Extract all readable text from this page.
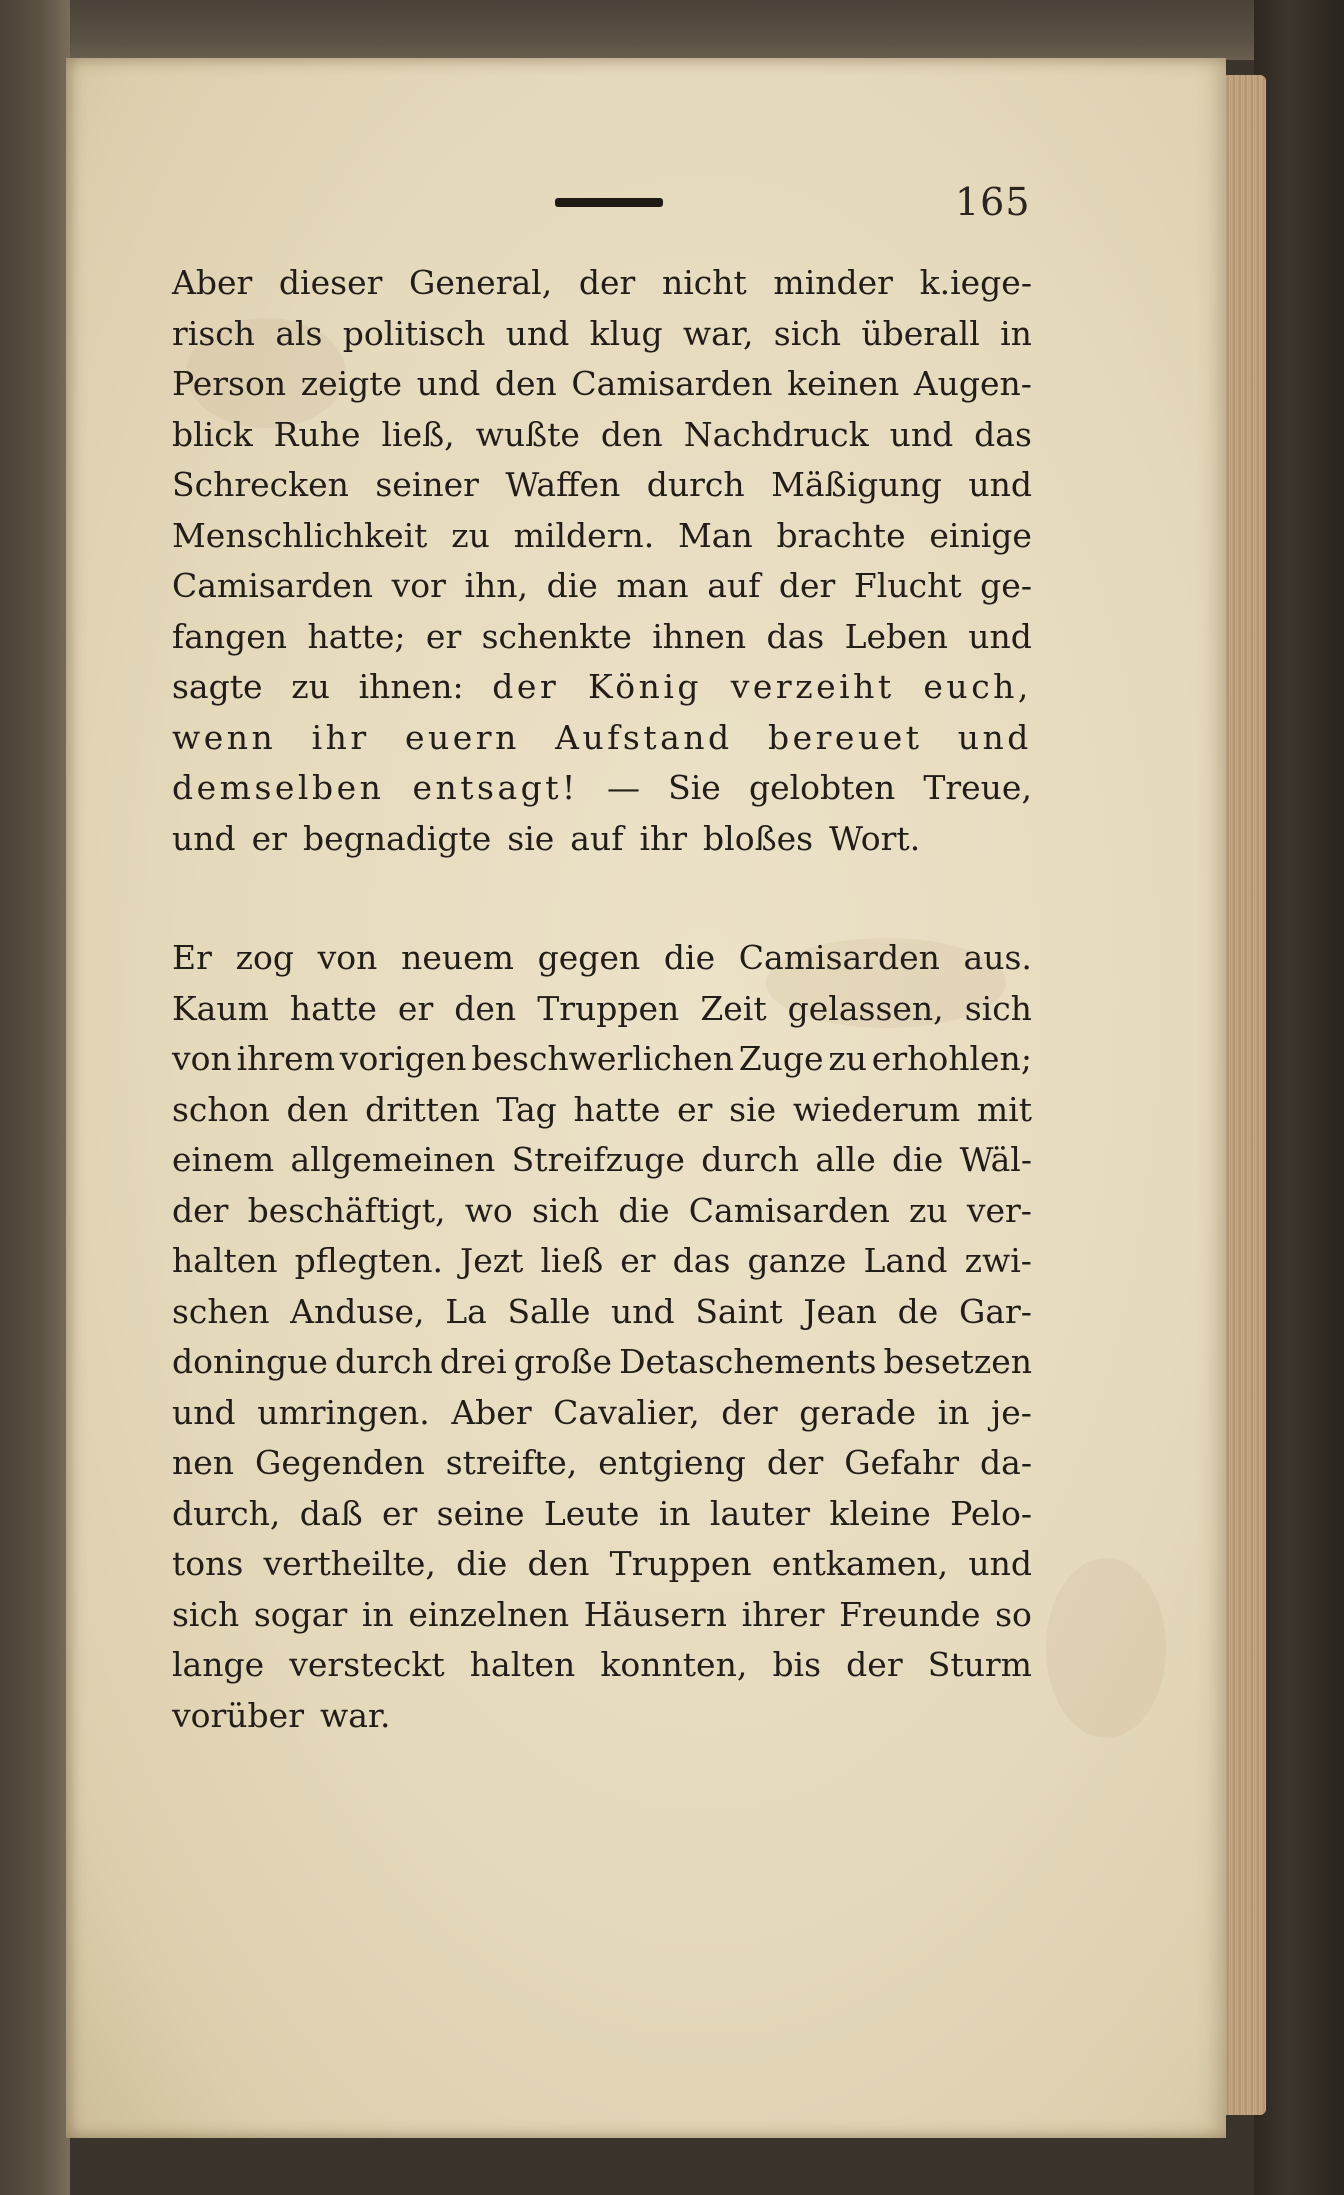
165
Aber dieser General, der nicht minder k.iege-
risch als politisch und klug war, sich überall in
Person zeigte und den Camisarden keinen Augen-
blick Ruhe ließ, wußte den Nachdruck und das
Schrecken seiner Waffen durch Mäßigung und
Menschlichkeit zu mildern. Man brachte einige
Camisarden vor ihn, die man auf der Flucht ge-
fangen hatte; er schenkte ihnen das Leben und
sagte zu ihnen: der König verzeiht euch,
wenn ihr euern Aufstand bereuet und
demselben entsagt! — Sie gelobten Treue,
und er begnadigte sie auf ihr bloßes Wort.
Er zog von neuem gegen die Camisarden aus.
Kaum hatte er den Truppen Zeit gelassen, sich
von ihrem vorigen beschwerlichen Zuge zu erhohlen;
schon den dritten Tag hatte er sie wiederum mit
einem allgemeinen Streifzuge durch alle die Wäl-
der beschäftigt, wo sich die Camisarden zu ver-
halten pflegten. Jezt ließ er das ganze Land zwi-
schen Anduse, La Salle und Saint Jean de Gar-
doningue durch drei große Detaschements besetzen
und umringen. Aber Cavalier, der gerade in je-
nen Gegenden streifte, entgieng der Gefahr da-
durch, daß er seine Leute in lauter kleine Pelo-
tons vertheilte, die den Truppen entkamen, und
sich sogar in einzelnen Häusern ihrer Freunde so
lange versteckt halten konnten, bis der Sturm
vorüber war.
